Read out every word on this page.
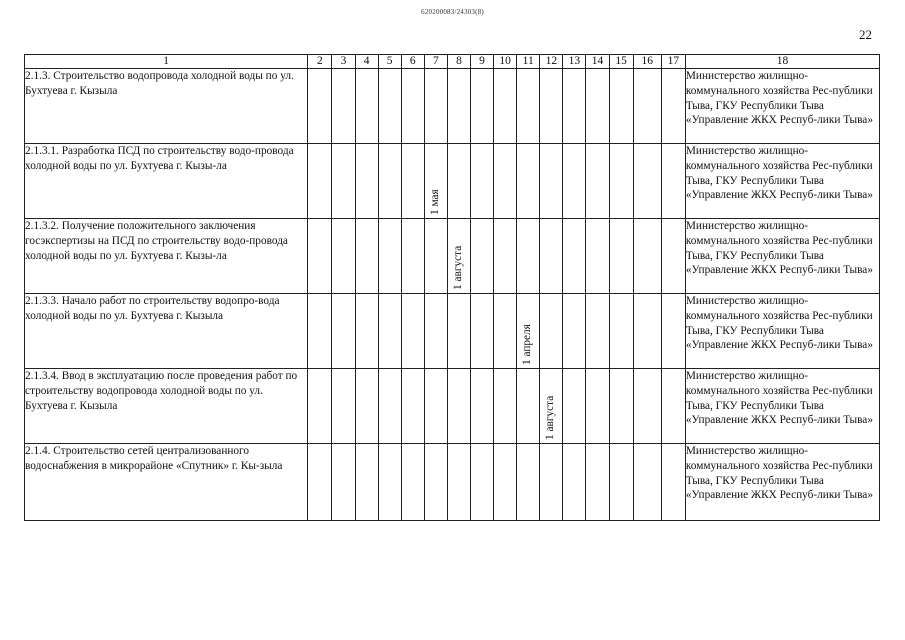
620200083/24303(8)
22
1	2	3	4	5	6	7	8	9	10	11	12	13	14	15	16	17	18
2.1.3. Строительство водопровода холодной воды по ул. Бухтуева г. Кызыла																	Министерство жилищно-коммунального хозяйства Рес-публики Тыва, ГКУ Республики Тыва «Управление ЖКХ Респуб-лики Тыва»
2.1.3.1. Разработка ПСД по строительству водо-провода холодной воды по ул. Бухтуева г. Кызы-ла						1 мая											Министерство жилищно-коммунального хозяйства Рес-публики Тыва, ГКУ Республики Тыва «Управление ЖКХ Респуб-лики Тыва»
2.1.3.2. Получение положительного заключения госэкспертизы на ПСД по строительству водо-провода холодной воды по ул. Бухтуева г. Кызы-ла							1 августа										Министерство жилищно-коммунального хозяйства Рес-публики Тыва, ГКУ Республики Тыва «Управление ЖКХ Респуб-лики Тыва»
2.1.3.3. Начало работ по строительству водопро-вода холодной воды по ул. Бухтуева г. Кызыла										1 апреля							Министерство жилищно-коммунального хозяйства Рес-публики Тыва, ГКУ Республики Тыва «Управление ЖКХ Респуб-лики Тыва»
2.1.3.4. Ввод в эксплуатацию после проведения работ по строительству водопровода холодной воды по ул. Бухтуева г. Кызыла											1 августа						Министерство жилищно-коммунального хозяйства Рес-публики Тыва, ГКУ Республики Тыва «Управление ЖКХ Респуб-лики Тыва»
2.1.4. Строительство сетей централизованного водоснабжения в микрорайоне «Спутник» г. Кы-зыла																	Министерство жилищно-коммунального хозяйства Рес-публики Тыва, ГКУ Республики Тыва «Управление ЖКХ Респуб-лики Тыва»
